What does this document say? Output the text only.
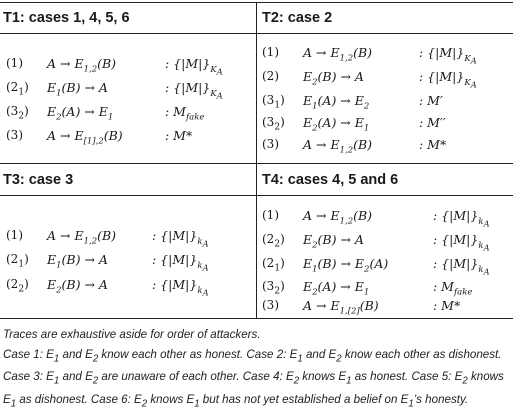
T1: cases 1, 4, 5, 6
(1) $A \to E_{1,2}(B)$	: $\{|M|\}_{K_A}$
$(2_1) E_1(B) \to A$	: $\{|M|\}_{K_A}$
$(3_2) E_2(A) \to E_1$	: $M_{fake}$
(3) $A \to E_{[1],2}(B)$	: M*
T2: case 2
(1) $A \to E_{1,2}(B)$	: $\{|M|\}_{K_A}$
(2) $E_2(B) \to A$	: $\{|M|\}_{K_A}$
$(3_1) E_1(A) \to E_2$	: M′
$(3_2) E_2(A) \to E_1$	: M′′
(3) $A \to E_{1,2}(B)$	: M*
T3: case 3
(1) $A \to E_{1,2}(B)$	: $\{|M|\}_{k_A}$
$(2_1) E_1(B) \to A$	: $\{|M|\}_{k_A}$
$(2_2) E_2(B) \to A$	: $\{|M|\}_{k_A}$
T4: cases 4, 5 and 6
(1) $A \to E_{1,2}(B)$	: $\{|M|\}_{k_A}$
$(2_2) E_2(B) \to A$	: $\{|M|\}_{k_A}$
$(2_1) E_1(B) \to E_2(A)$	: $\{|M|\}_{k_A}$
$(3_2) E_2(A) \to E_1$	: $M_{fake}$
(3) $A \to E_{1,[2]}(B)$	: M*
Traces are exhaustive aside for order of attackers.
Case 1: $E_1$ and $E_2$ know each other as honest. Case 2: $E_1$ and $E_2$ know each other as dishonest. Case 3: $E_1$ and $E_2$ are unaware of each other. Case 4: $E_2$ knows $E_1$ as honest. Case 5: $E_2$ knows $E_1$ as dishonest. Case 6: $E_2$ knows $E_1$ but has not yet established a belief on $E_1’s$ honesty.
